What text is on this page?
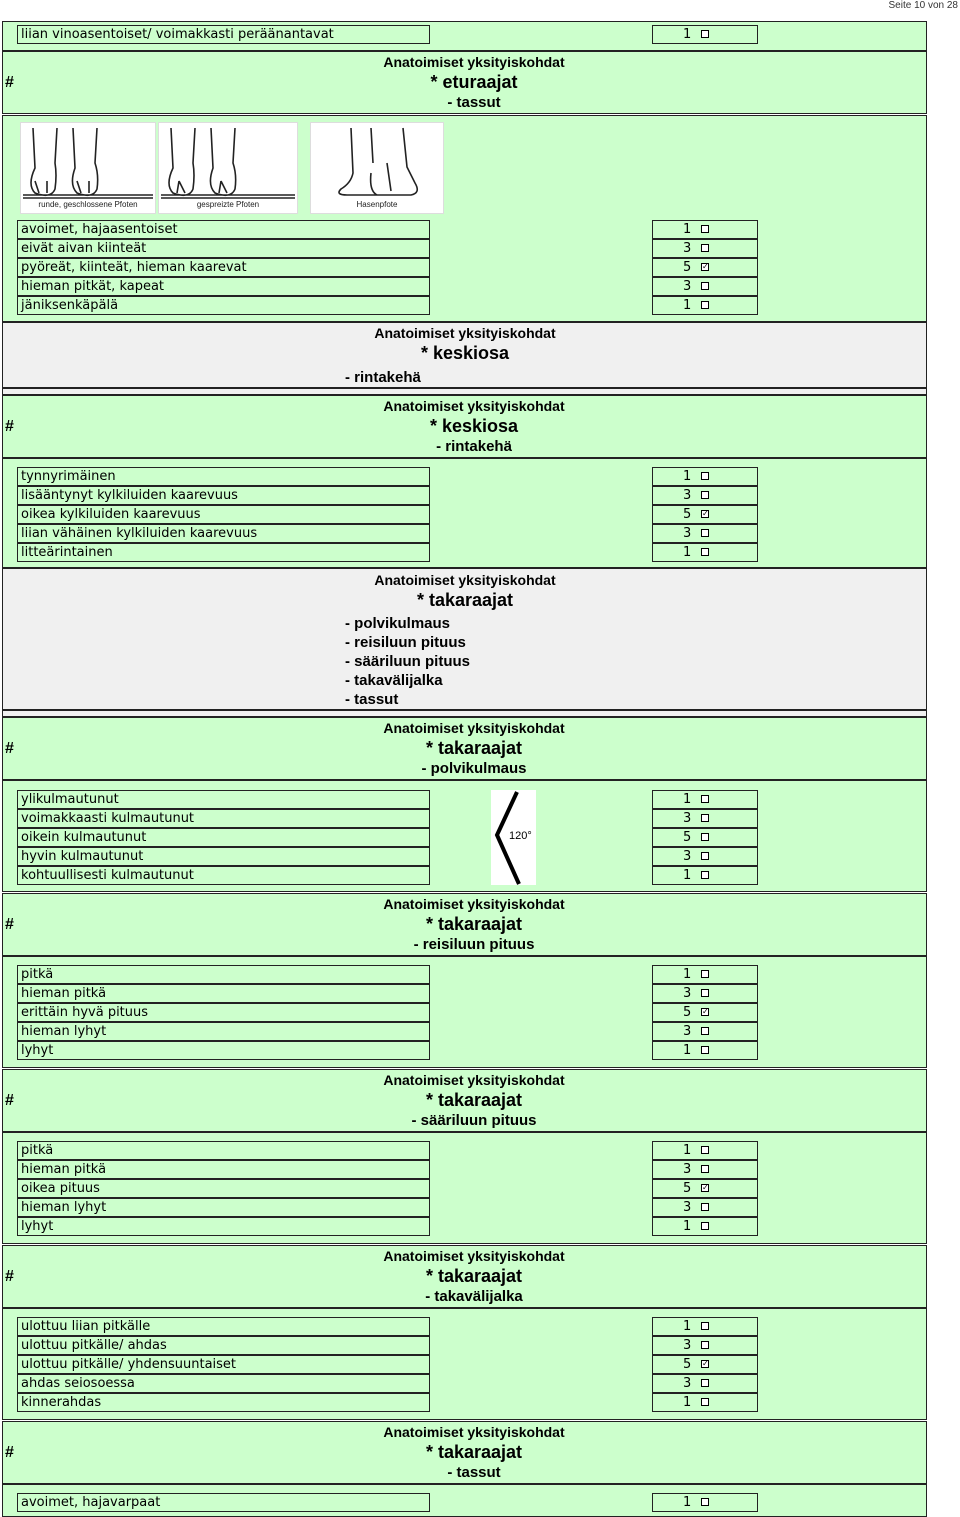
Seite 10 von 28
liian vinoasentoiset/ voimakkasti peräänantavat	1
#
Anatoimiset yksityiskohdat
* eturaajat
- tassut
avoimet, hajaasentoiset	1
eivät aivan kiinteät	3
pyöreät, kiinteät, hieman kaarevat	5 ✓
hieman pitkät, kapeat	3
jäniksenkäpälä	1
#
Anatoimiset yksityiskohdat
* keskiosa
- rintakehä
tynnyrimäinen	1
lisääntynyt kylkiluiden kaarevuus	3
oikea kylkiluiden kaarevuus	5 ✓
liian vähäinen kylkiluiden kaarevuus	3
litteärintainen	1
#
Anatoimiset yksityiskohdat
* takaraajat
- polvikulmaus
ylikulmautunut	1
voimakkaasti kulmautunut	3
oikein kulmautunut	5
hyvin kulmautunut	3
kohtuullisesti kulmautunut	1
#
Anatoimiset yksityiskohdat
* takaraajat
- reisiluun pituus
pitkä	1
hieman pitkä	3
erittäin hyvä pituus	5 ✓
hieman lyhyt	3
lyhyt	1
#
Anatoimiset yksityiskohdat
* takaraajat
- sääriluun pituus
pitkä	1
hieman pitkä	3
oikea pituus	5 ✓
hieman lyhyt	3
lyhyt	1
#
Anatoimiset yksityiskohdat
* takaraajat
- takavälijalka
ulottuu liian pitkälle	1
ulottuu pitkälle/ ahdas	3
ulottuu pitkälle/ yhdensuuntaiset	5 ✓
ahdas seiosoessa	3
kinnerahdas	1
#
Anatoimiset yksityiskohdat
* takaraajat
- tassut
avoimet, hajavarpaat	1
runde, geschlossene Pfoten	gespreizte Pfoten	Hasenpfote
120°
Anatoimiset yksityiskohdat
* keskiosa
- rintakehä
Anatoimiset yksityiskohdat
* takaraajat
- polvikulmaus
- reisiluun pituus
- sääriluun pituus
- takavälijalka
- tassut
